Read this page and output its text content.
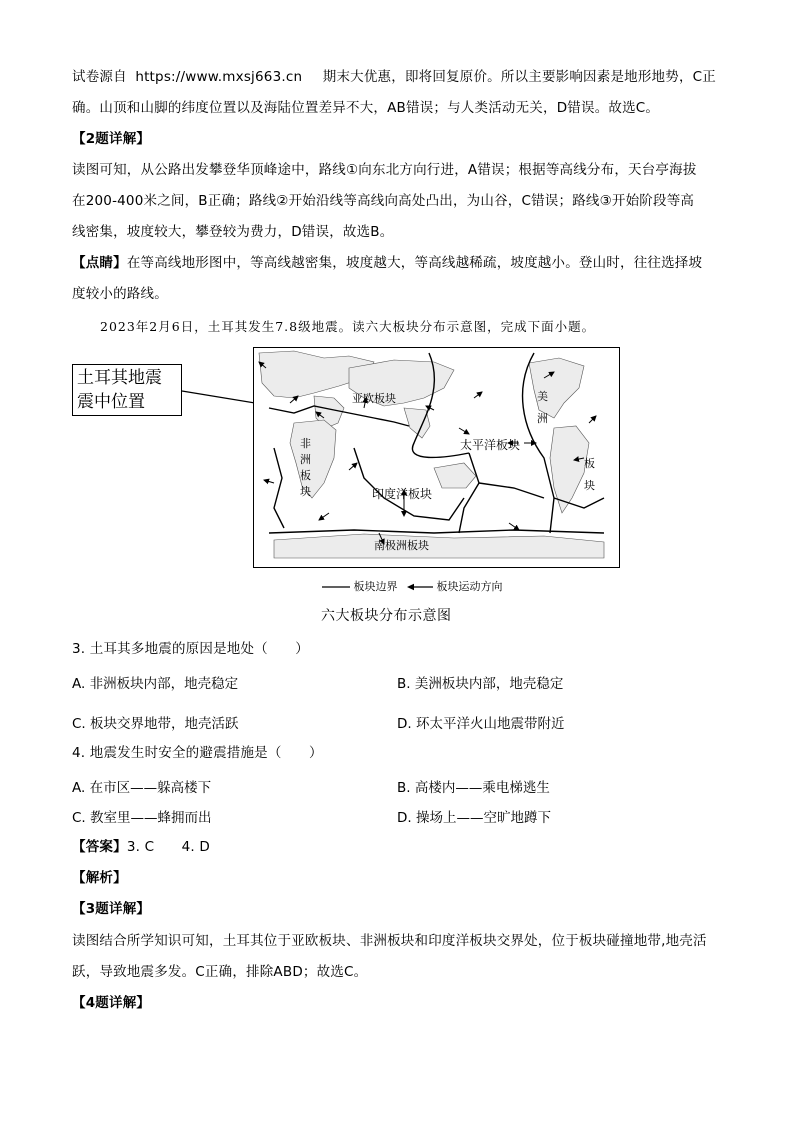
试卷源自 https://www.mxsj663.cn 期末大优惠，即将回复原价。所以主要影响因素是地形地势，C正
确。山顶和山脚的纬度位置以及海陆位置差异不大，AB错误；与人类活动无关，D错误。故选C。
【2题详解】
读图可知，从公路出发攀登华顶峰途中，路线①向东北方向行进，A错误；根据等高线分布，天台亭海拔
在200-400米之间，B正确；路线②开始沿线等高线向高处凸出，为山谷，C错误；路线③开始阶段等高
线密集，坡度较大，攀登较为费力，D错误，故选B。
【点睛】在等高线地形图中，等高线越密集，坡度越大，等高线越稀疏，坡度越小。登山时，往往选择坡
度较小的路线。
2023年2月6日，土耳其发生7.8级地震。读六大板块分布示意图，完成下面小题。
土耳其地震
震中位置	亚欧板块
太平洋板块
非
洲
板
块	印度洋板块
南极洲板块
美
洲
板
块
板块边界	板块运动方向
六大板块分布示意图
3. 土耳其多地震的原因是地处（　　）
A. 非洲板块内部，地壳稳定	B. 美洲板块内部，地壳稳定
C. 板块交界地带，地壳活跃	D. 环太平洋火山地震带附近
4. 地震发生时安全的避震措施是（　　）
A. 在市区——躲高楼下	B. 高楼内——乘电梯逃生
C. 教室里——蜂拥而出	D. 操场上——空旷地蹲下
【答案】3. C　　4. D
【解析】
【3题详解】
读图结合所学知识可知，土耳其位于亚欧板块、非洲板块和印度洋板块交界处，位于板块碰撞地带,地壳活
跃，导致地震多发。C正确，排除ABD；故选C。
【4题详解】
